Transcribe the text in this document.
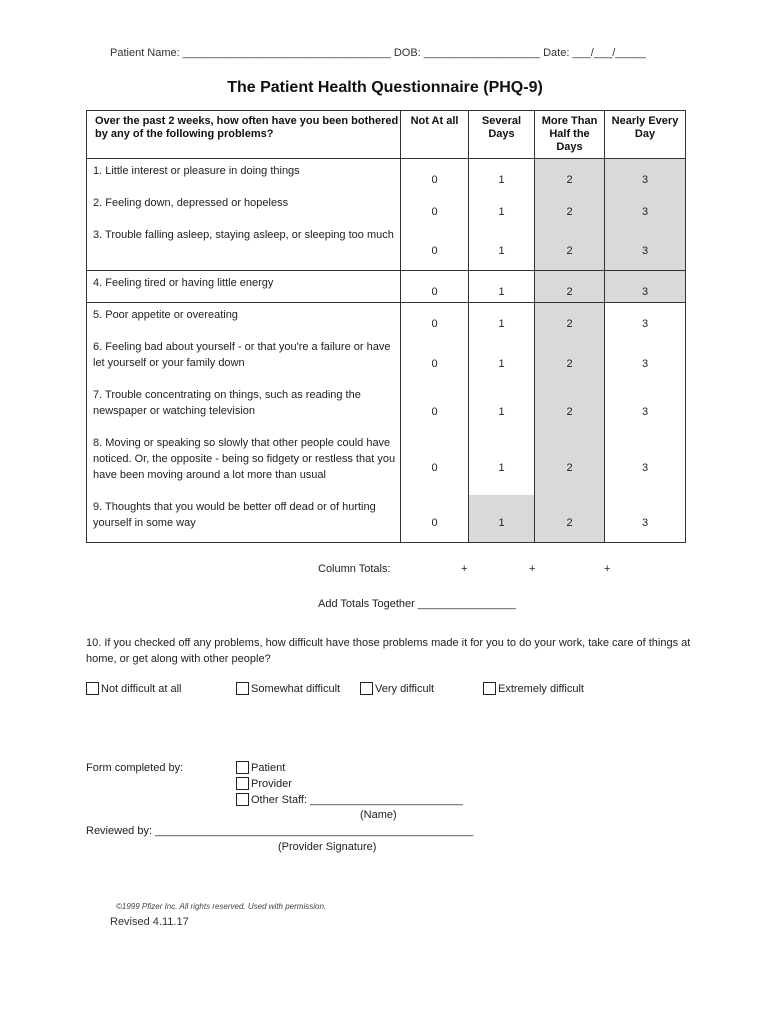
Patient Name: __________________________________ DOB: ___________________ Date: ___/___/_____
The Patient Health Questionnaire (PHQ-9)
Over the past 2 weeks, how often have you been bothered by any of the following problems?	Not At all	Several Days	More Than Half the Days	Nearly Every Day
1. Little interest or pleasure in doing things	0	1	2	3
2. Feeling down, depressed or hopeless	0	1	2	3
3. Trouble falling asleep, staying asleep, or sleeping too much	0	1	2	3
4. Feeling tired or having little energy	0	1	2	3
5. Poor appetite or overeating	0	1	2	3
6. Feeling bad about yourself - or that you're a failure or have let yourself or your family down	0	1	2	3
7. Trouble concentrating on things, such as reading the newspaper or watching television	0	1	2	3
8. Moving or speaking so slowly that other people could have noticed. Or, the opposite - being so fidgety or restless that you have been moving around a lot more than usual	0	1	2	3
9. Thoughts that you would be better off dead or of hurting yourself in some way	0	1	2	3
Column Totals:	+	+	+
Add Totals Together ________________
10. If you checked off any problems, how difficult have those problems made it for you to do your work, take care of things at home, or get along with other people?
Not difficult at all	Somewhat difficult	Very difficult	Extremely difficult
Form completed by:	Patient
Provider
Other Staff: _________________________
(Name)
Reviewed by: ____________________________________________________
(Provider Signature)
©1999 Pfizer Inc. All rights reserved. Used with permission.
Revised 4.11.17
